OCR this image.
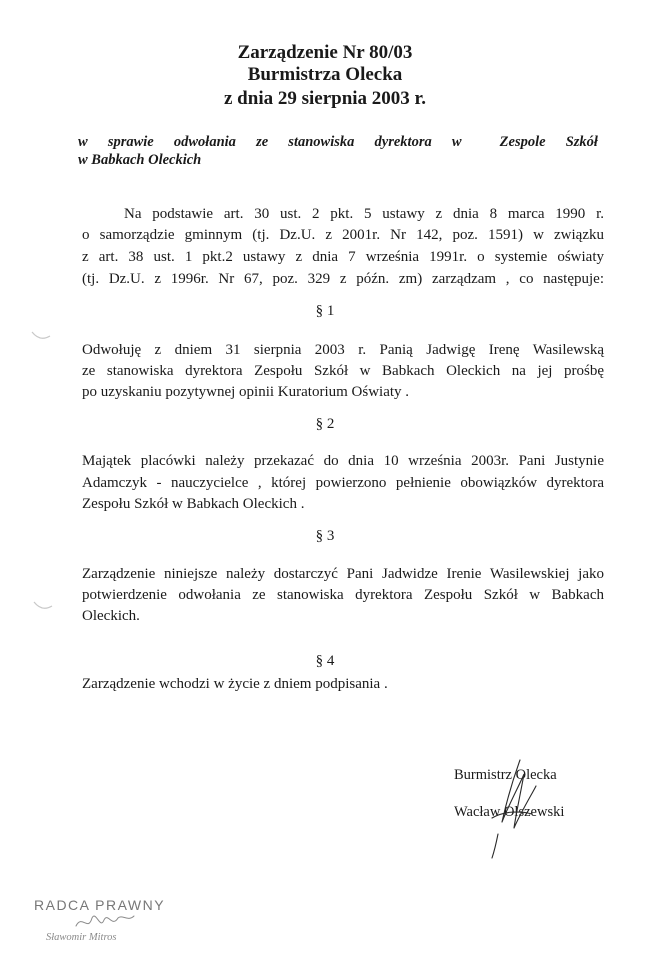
Zarządzenie Nr 80/03
Burmistrza Olecka
z dnia 29 sierpnia 2003 r.
w sprawie odwołania ze stanowiska dyrektora w	Zespole Szkół
w Babkach Oleckich
Na podstawie art. 30 ust. 2 pkt. 5 ustawy z dnia 8 marca 1990 r.
o samorządzie gminnym (tj. Dz.U. z 2001r. Nr 142, poz. 1591) w związku
z art. 38 ust. 1 pkt.2 ustawy z dnia 7 września 1991r. o systemie oświaty
(tj. Dz.U. z 1996r. Nr 67, poz. 329 z późn. zm) zarządzam , co następuje:
§ 1
Odwołuję z dniem 31 sierpnia 2003 r. Panią Jadwigę Irenę Wasilewską
ze stanowiska dyrektora Zespołu Szkół w Babkach Oleckich na jej prośbę
po uzyskaniu pozytywnej opinii Kuratorium Oświaty .
§ 2
Majątek placówki należy przekazać do dnia 10 września 2003r. Pani Justynie
Adamczyk - nauczycielce , której powierzono pełnienie obowiązków dyrektora
Zespołu Szkół w Babkach Oleckich .
§ 3
Zarządzenie niniejsze należy dostarczyć Pani Jadwidze Irenie Wasilewskiej jako
potwierdzenie odwołania ze stanowiska dyrektora Zespołu Szkół w Babkach
Oleckich.
§ 4
Zarządzenie wchodzi w życie z dniem podpisania .
Burmistrz Olecka
Wacław Olszewski
RADCA PRAWNY
Sławomir Mitros
